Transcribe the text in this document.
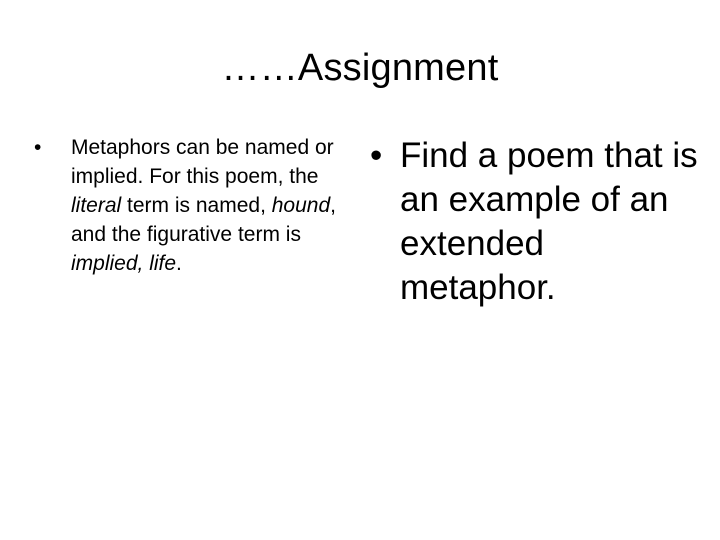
……Assignment

• Metaphors can be named or implied. For this poem, the literal term is named, hound, and the figurative term is implied, life.

• Find a poem that is an example of an extended metaphor.
